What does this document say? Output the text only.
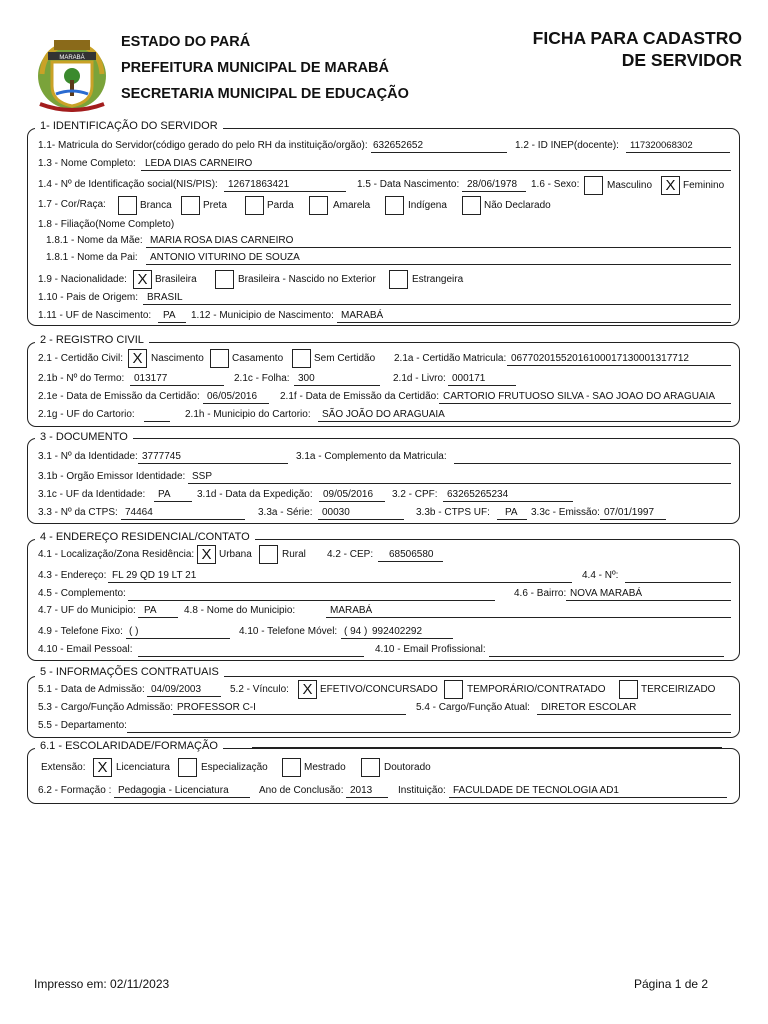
MARABÁ
ESTADO DO PARÁ
PREFEITURA MUNICIPAL DE MARABÁ
SECRETARIA MUNICIPAL DE EDUCAÇÃO
FICHA PARA CADASTRO
DE SERVIDOR
1- IDENTIFICAÇÃO DO SERVIDOR
1.1- Matricula do Servidor(código gerado do pelo RH da instituição/orgão): 632652652	1.2 - ID INEP(docente): 117320068302
1.3 - Nome Completo: LEDA DIAS CARNEIRO
1.4 - Nº de Identificação social(NIS/PIS): 12671863421	1.5 - Data Nascimento: 28/06/1978 1.6 - Sexo:	Masculino X Feminino
1.7 - Cor/Raça:	Branca	Preta	Parda	Amarela	Indígena	Não Declarado
1.8 - Filiação(Nome Completo)
1.8.1 - Nome da Mãe: MARIA ROSA DIAS CARNEIRO
1.8.1 - Nome da Pai: ANTONIO VITURINO DE SOUZA
1.9 - Nacionalidade: X Brasileira	Brasileira - Nascido no Exterior	Estrangeira
1.10 - Pais de Origem: BRASIL
1.11 - UF de Nascimento: PA 1.12 - Municipio de Nascimento: MARABÁ
2 - REGISTRO CIVIL
2.1 - Certidão Civil: X Nascimento	Casamento	Sem Certidão 2.1a - Certidão Matricula: 06770201552016100017130001317712
2.1b - Nº do Termo: 013177	2.1c - Folha: 300	2.1d - Livro: 000171
2.1e - Data de Emissão da Certidão: 06/05/2016 2.1f - Data de Emissão da Certidão: CARTORIO FRUTUOSO SILVA - SAO JOAO DO ARAGUAIA
2.1g - UF do Cartorio:	2.1h - Municipio do Cartorio: SÃO JOÃO DO ARAGUAIA
3 - DOCUMENTO
3.1 - Nº da Identidade: 3777745	3.1a - Complemento da Matricula:
3.1b - Orgão Emissor Identidade: SSP
3.1c - UF da Identidade: PA	3.1d - Data da Expedição: 09/05/2016 3.2 - CPF: 63265265234
3.3 - Nº da CTPS: 74464	3.3a - Série: 00030	3.3b - CTPS UF: PA 3.3c - Emissão: 07/01/1997
4 - ENDEREÇO RESIDENCIAL/CONTATO
4.1 - Localização/Zona Residência: X Urbana	Rural 4.2 - CEP: 68506580
4.3 - Endereço: FL 29 QD 19 LT 21	4.4 - Nº:
4.5 - Complemento:	4.6 - Bairro: NOVA MARABÁ
4.7 - UF do Municipio: PA	4.8 - Nome do Municipio:	MARABÁ
4.9 - Telefone Fixo: ( )	4.10 - Telefone Móvel: ( 94 ) 992402292
4.10 - Email Pessoal:	4.10 - Email Profissional:
5 - INFORMAÇÕES CONTRATUAIS
5.1 - Data de Admissão: 04/09/2003	5.2 - Vínculo: X EFETIVO/CONCURSADO	TEMPORÁRIO/CONTRATADO	TERCEIRIZADO
5.3 - Cargo/Função Admissão: PROFESSOR C-I	5.4 - Cargo/Função Atual: DIRETOR ESCOLAR
5.5 - Departamento:
6.1 - ESCOLARIDADE/FORMAÇÃO
Extensão: X Licenciatura	Especialização	Mestrado	Doutorado
6.2 - Formação : Pedagogia - Licenciatura	Ano de Conclusão: 2013	Instituição: FACULDADE DE TECNOLOGIA AD1
Impresso em: 02/11/2023	Página 1 de 2
